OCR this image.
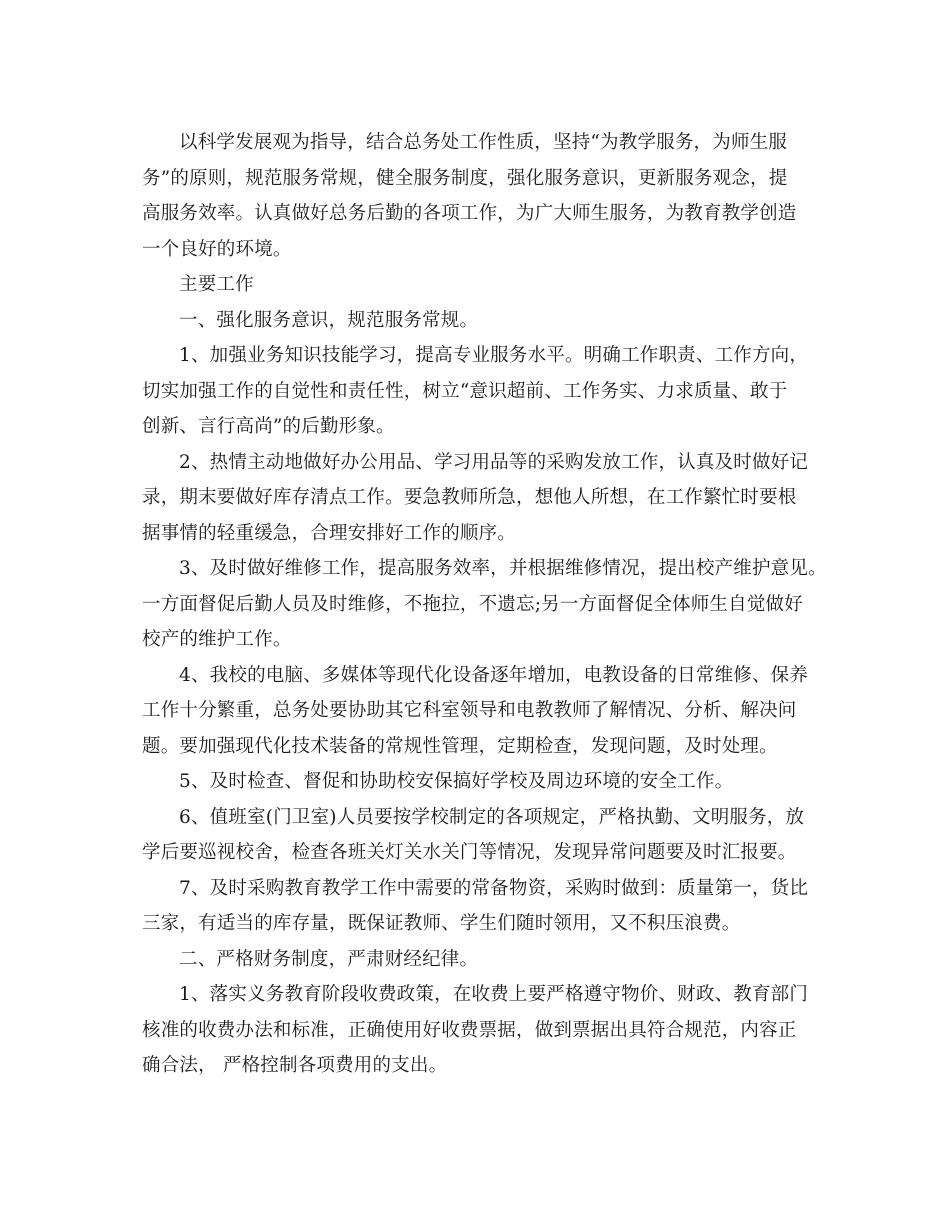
以科学发展观为指导，结合总务处工作性质，坚持“为教学服务，为师生服
务”的原则，规范服务常规，健全服务制度，强化服务意识，更新服务观念，提
高服务效率。认真做好总务后勤的各项工作，为广大师生服务，为教育教学创造
一个良好的环境。
主要工作
一、强化服务意识，规范服务常规。
1、加强业务知识技能学习，提高专业服务水平。明确工作职责、工作方向，
切实加强工作的自觉性和责任性，树立“意识超前、工作务实、力求质量、敢于
创新、言行高尚”的后勤形象。
2、热情主动地做好办公用品、学习用品等的采购发放工作，认真及时做好记
录，期末要做好库存清点工作。要急教师所急，想他人所想，在工作繁忙时要根
据事情的轻重缓急，合理安排好工作的顺序。
3、及时做好维修工作，提高服务效率，并根据维修情况，提出校产维护意见。
一方面督促后勤人员及时维修，不拖拉，不遗忘;另一方面督促全体师生自觉做好
校产的维护工作。
4、我校的电脑、多媒体等现代化设备逐年增加，电教设备的日常维修、保养
工作十分繁重，总务处要协助其它科室领导和电教教师了解情况、分析、解决问
题。要加强现代化技术装备的常规性管理，定期检查，发现问题，及时处理。
5、及时检查、督促和协助校安保搞好学校及周边环境的安全工作。
6、值班室(门卫室)人员要按学校制定的各项规定，严格执勤、文明服务，放
学后要巡视校舍，检查各班关灯关水关门等情况，发现异常问题要及时汇报要。
7、及时采购教育教学工作中需要的常备物资，采购时做到：质量第一，货比
三家，有适当的库存量，既保证教师、学生们随时领用，又不积压浪费。
二、严格财务制度，严肃财经纪律。
1、落实义务教育阶段收费政策，在收费上要严格遵守物价、财政、教育部门
核准的收费办法和标准，正确使用好收费票据，做到票据出具符合规范，内容正
确合法， 严格控制各项费用的支出。
